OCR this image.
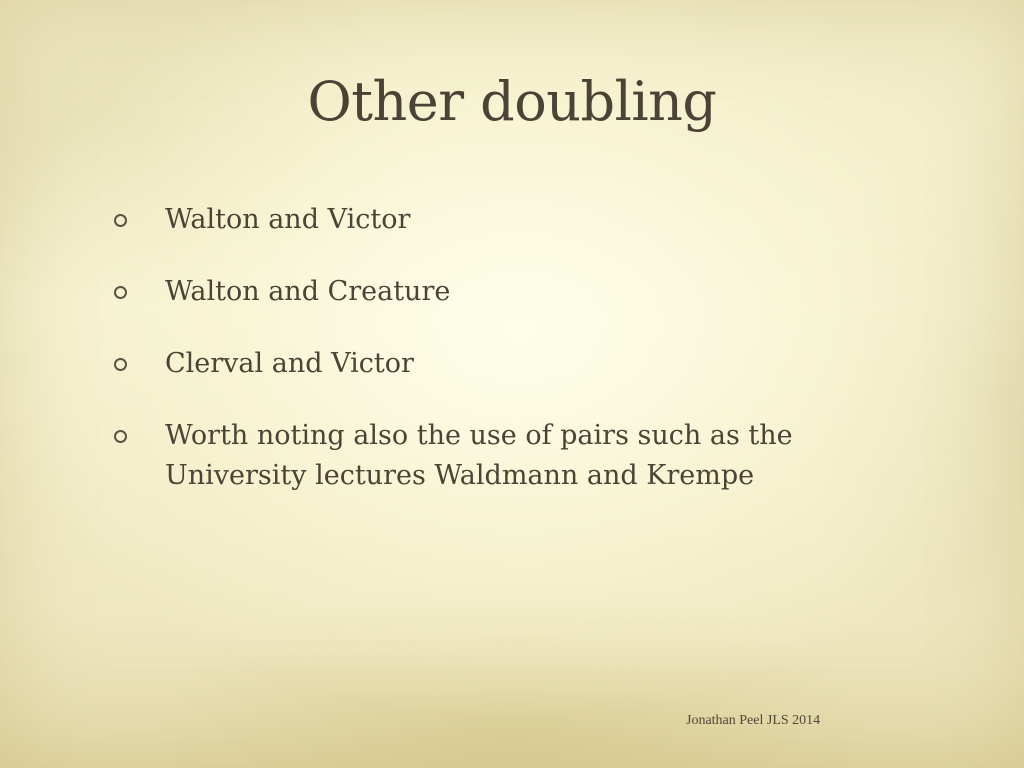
Other doubling
Walton and Victor
Walton and Creature
Clerval and Victor
Worth noting also the use of pairs such as the University lectures Waldmann and Krempe
Jonathan Peel JLS 2014
